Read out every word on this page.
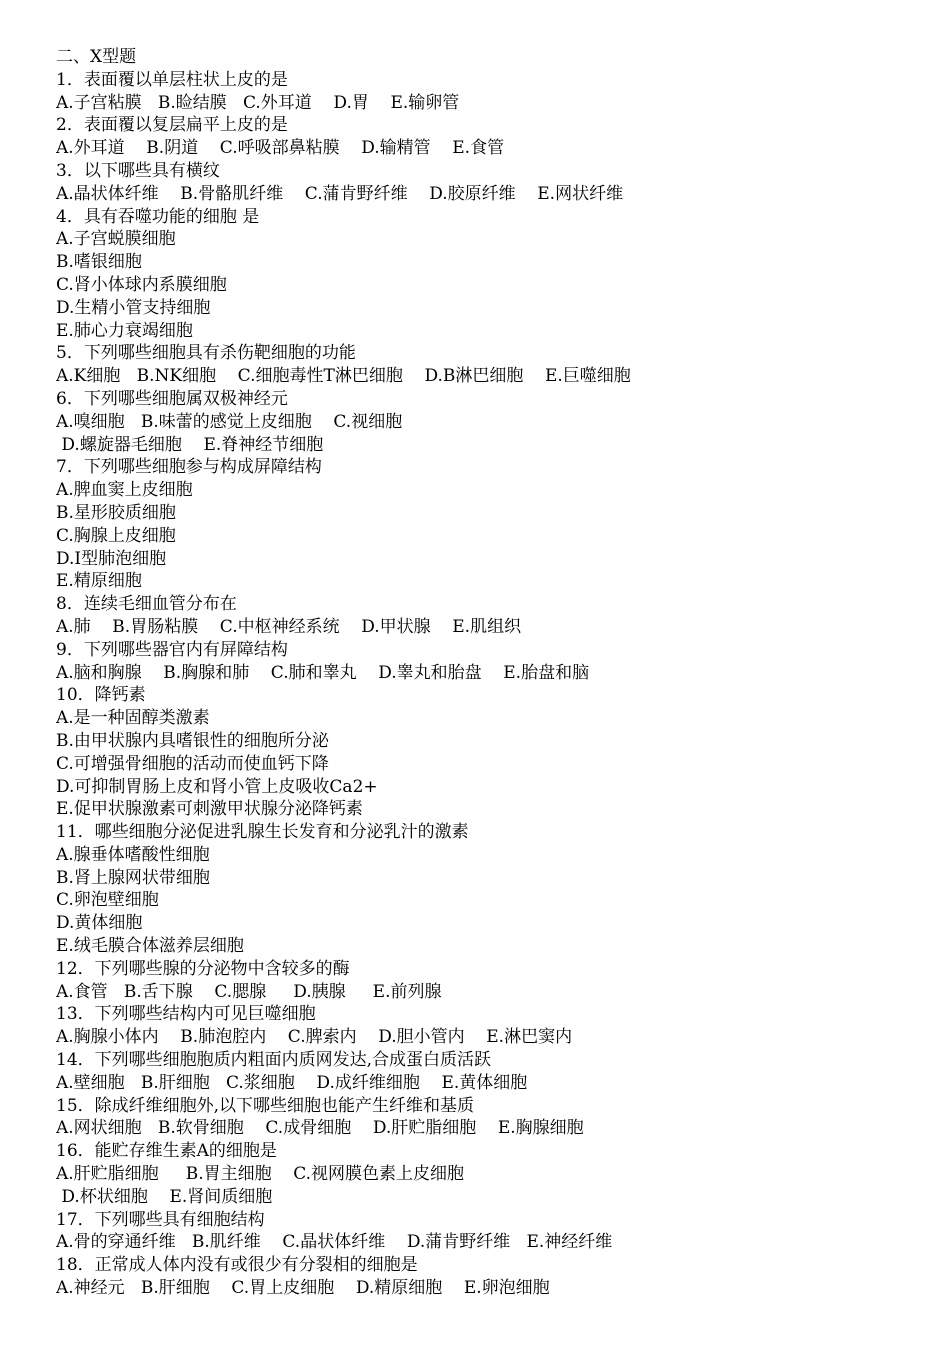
二、X型题
1．表面覆以单层柱状上皮的是
A.子宫粘膜   B.睑结膜   C.外耳道    D.胃    E.输卵管
2．表面覆以复层扁平上皮的是
A.外耳道    B.阴道    C.呼吸部鼻粘膜    D.输精管    E.食管
3．以下哪些具有横纹
A.晶状体纤维    B.骨骼肌纤维    C.蒲肯野纤维    D.胶原纤维    E.网状纤维
4．具有吞噬功能的细胞 是
A.子宫蜕膜细胞
B.嗜银细胞
C.肾小体球内系膜细胞
D.生精小管支持细胞
E.肺心力衰竭细胞
5．下列哪些细胞具有杀伤靶细胞的功能
A.K细胞   B.NK细胞    C.细胞毒性T淋巴细胞    D.B淋巴细胞    E.巨噬细胞
6．下列哪些细胞属双极神经元
A.嗅细胞   B.味蕾的感觉上皮细胞    C.视细胞
D.螺旋器毛细胞    E.脊神经节细胞
7．下列哪些细胞参与构成屏障结构
A.脾血窦上皮细胞
B.星形胶质细胞
C.胸腺上皮细胞
D.I型肺泡细胞
E.精原细胞
8．连续毛细血管分布在
A.肺    B.胃肠粘膜    C.中枢神经系统    D.甲状腺    E.肌组织
9．下列哪些器官内有屏障结构
A.脑和胸腺    B.胸腺和肺    C.肺和睾丸    D.睾丸和胎盘    E.胎盘和脑
10．降钙素
A.是一种固醇类激素
B.由甲状腺内具嗜银性的细胞所分泌
C.可增强骨细胞的活动而使血钙下降
D.可抑制胃肠上皮和肾小管上皮吸收Ca2+
E.促甲状腺激素可刺激甲状腺分泌降钙素
11．哪些细胞分泌促进乳腺生长发育和分泌乳汁的激素
A.腺垂体嗜酸性细胞
B.肾上腺网状带细胞
C.卵泡壁细胞
D.黄体细胞
E.绒毛膜合体滋养层细胞
12．下列哪些腺的分泌物中含较多的酶
A.食管   B.舌下腺    C.腮腺     D.胰腺     E.前列腺
13．下列哪些结构内可见巨噬细胞
A.胸腺小体内    B.肺泡腔内    C.脾索内    D.胆小管内    E.淋巴窦内
14．下列哪些细胞胞质内粗面内质网发达,合成蛋白质活跃
A.壁细胞   B.肝细胞   C.浆细胞    D.成纤维细胞    E.黄体细胞
15．除成纤维细胞外,以下哪些细胞也能产生纤维和基质
A.网状细胞   B.软骨细胞    C.成骨细胞    D.肝贮脂细胞    E.胸腺细胞
16．能贮存维生素A的细胞是
A.肝贮脂细胞     B.胃主细胞    C.视网膜色素上皮细胞
D.杯状细胞    E.肾间质细胞
17．下列哪些具有细胞结构
A.骨的穿通纤维   B.肌纤维    C.晶状体纤维    D.蒲肯野纤维   E.神经纤维
18．正常成人体内没有或很少有分裂相的细胞是
A.神经元   B.肝细胞    C.胃上皮细胞    D.精原细胞    E.卵泡细胞
